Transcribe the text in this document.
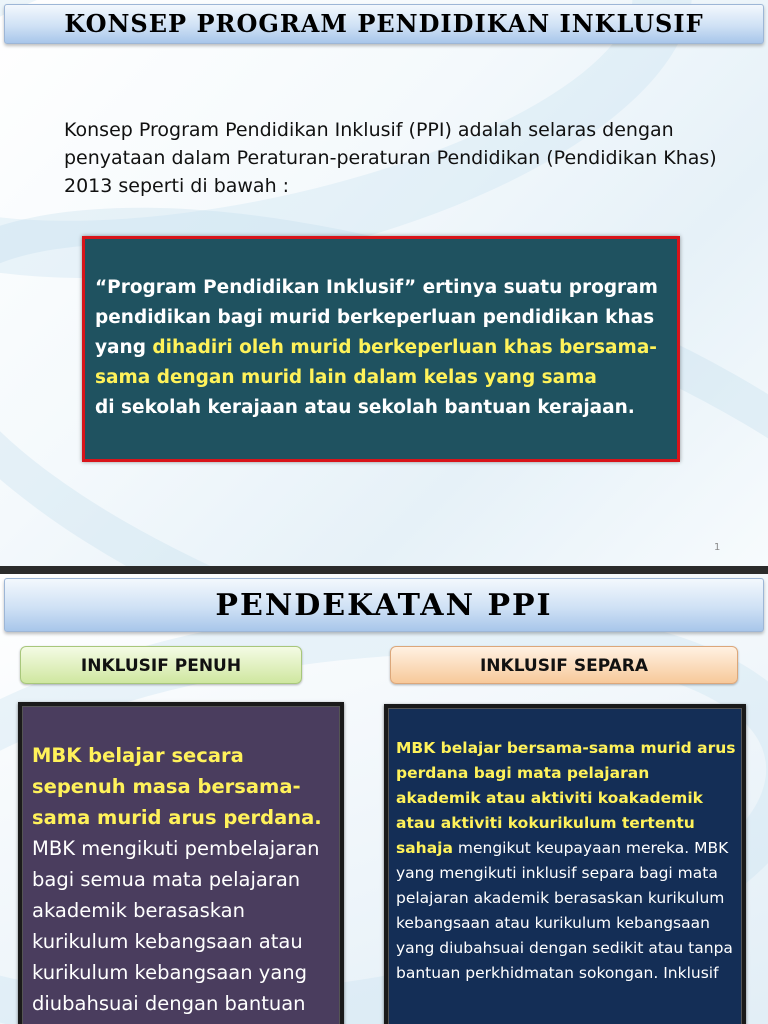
KONSEP PROGRAM PENDIDIKAN INKLUSIF

Konsep Program Pendidikan Inklusif (PPI) adalah selaras dengan penyataan dalam Peraturan-peraturan Pendidikan (Pendidikan Khas) 2013 seperti di bawah :

“Program Pendidikan Inklusif” ertinya suatu program pendidikan bagi murid berkeperluan pendidikan khas yang dihadiri oleh murid berkeperluan khas bersama-sama dengan murid lain dalam kelas yang sama
di sekolah kerajaan atau sekolah bantuan kerajaan.
1
PENDEKATAN PPI
INKLUSIF PENUH	INKLUSIF SEPARA
MBK belajar secara sepenuh masa bersama-sama murid arus perdana.
MBK mengikuti pembelajaran bagi semua mata pelajaran akademik berasaskan kurikulum kebangsaan atau kurikulum kebangsaan yang diubahsuai dengan bantuan
MBK belajar bersama-sama murid arus perdana bagi mata pelajaran akademik atau aktiviti koakademik atau aktiviti kokurikulum tertentu sahaja mengikut keupayaan mereka. MBK yang mengikuti inklusif separa bagi mata pelajaran akademik berasaskan kurikulum kebangsaan atau kurikulum kebangsaan yang diubahsuai dengan sedikit atau tanpa bantuan perkhidmatan sokongan. Inklusif
